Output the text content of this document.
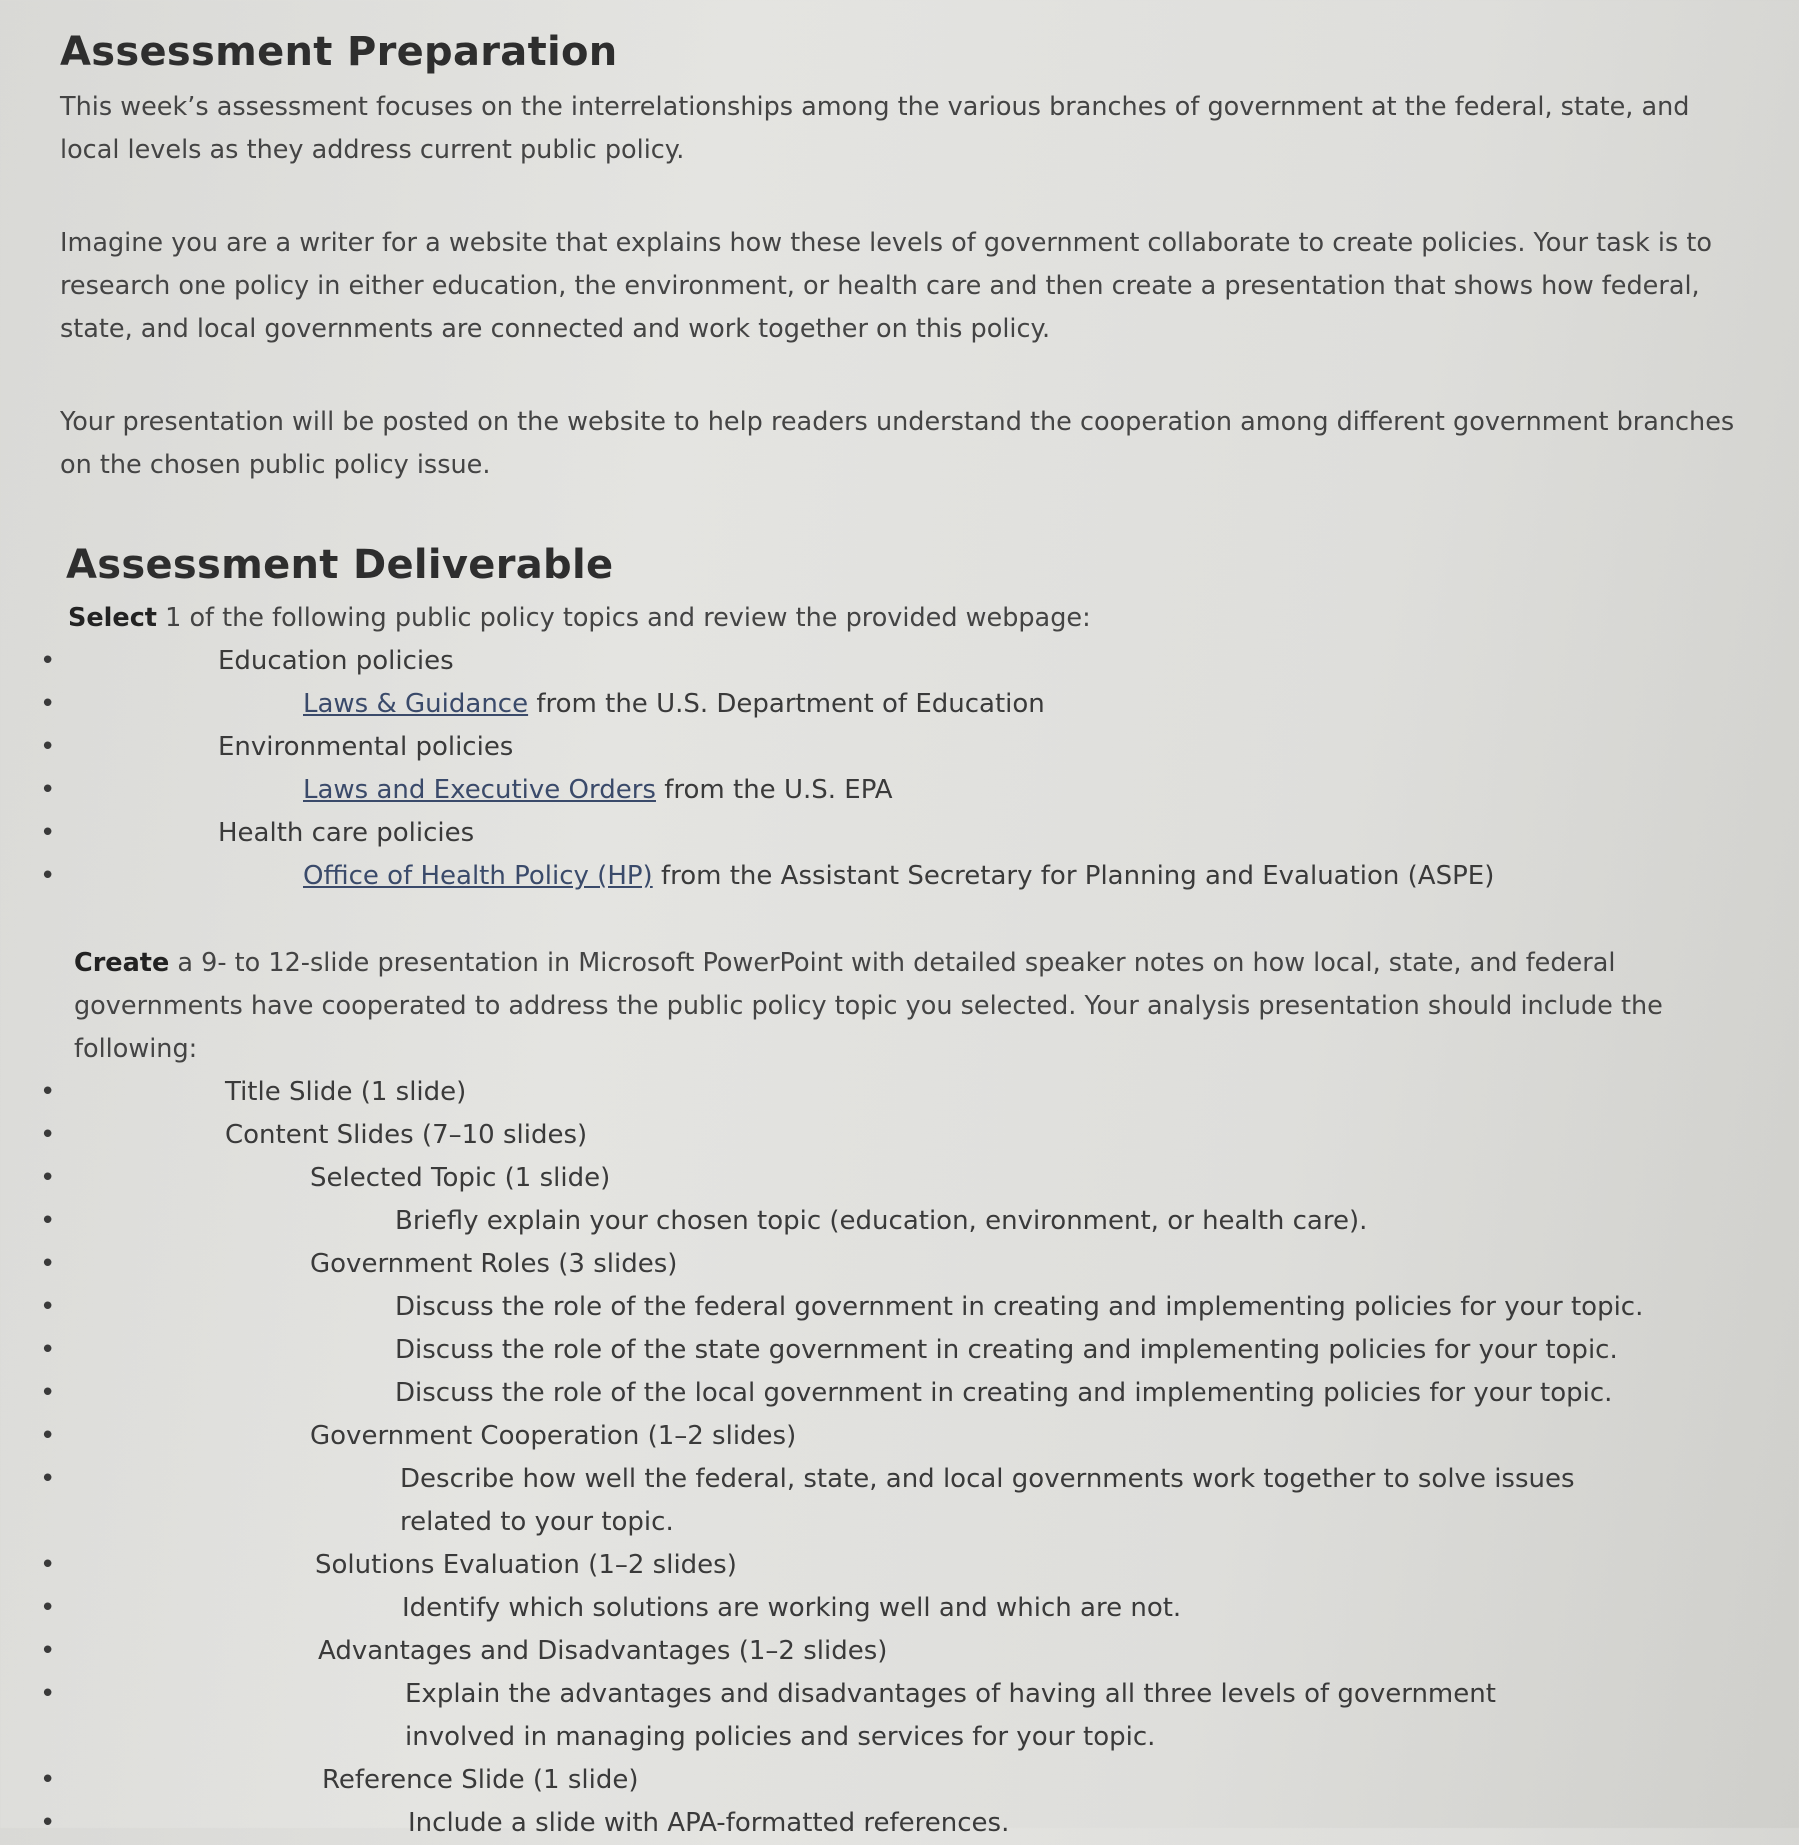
Assessment Preparation

This week’s assessment focuses on the interrelationships among the various branches of government at the federal, state, and local levels as they address current public policy.

Imagine you are a writer for a website that explains how these levels of government collaborate to create policies. Your task is to research one policy in either education, the environment, or health care and then create a presentation that shows how federal, state, and local governments are connected and work together on this policy.

Your presentation will be posted on the website to help readers understand the cooperation among different government branches on the chosen public policy issue.

Assessment Deliverable

Select 1 of the following public policy topics and review the provided webpage:

• Education policies
• Laws & Guidance from the U.S. Department of Education
• Environmental policies
• Laws and Executive Orders from the U.S. EPA
• Health care policies
• Office of Health Policy (HP) from the Assistant Secretary for Planning and Evaluation (ASPE)

Create a 9- to 12-slide presentation in Microsoft PowerPoint with detailed speaker notes on how local, state, and federal governments have cooperated to address the public policy topic you selected. Your analysis presentation should include the following:

• Title Slide (1 slide)
• Content Slides (7–10 slides)
• Selected Topic (1 slide)
• Briefly explain your chosen topic (education, environment, or health care).
• Government Roles (3 slides)
• Discuss the role of the federal government in creating and implementing policies for your topic.
• Discuss the role of the state government in creating and implementing policies for your topic.
• Discuss the role of the local government in creating and implementing policies for your topic.
• Government Cooperation (1–2 slides)
• Describe how well the federal, state, and local governments work together to solve issues related to your topic.
• Solutions Evaluation (1–2 slides)
• Identify which solutions are working well and which are not.
• Advantages and Disadvantages (1–2 slides)
• Explain the advantages and disadvantages of having all three levels of government involved in managing policies and services for your topic.
• Reference Slide (1 slide)
• Include a slide with APA-formatted references.
